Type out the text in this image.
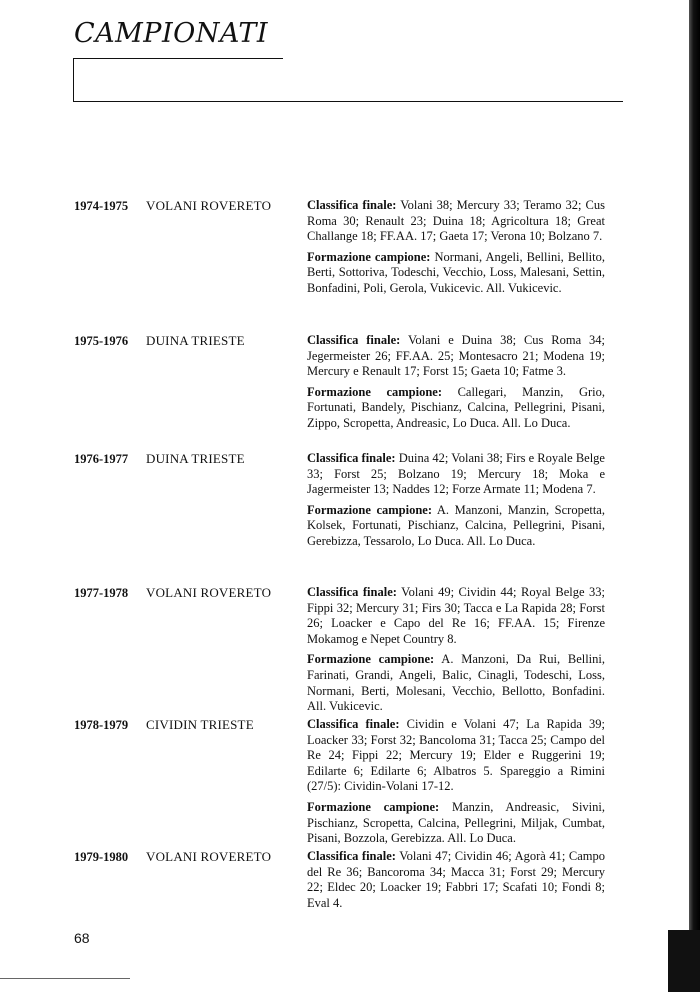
CAMPIONATI
1974-1975 VOLANI ROVERETO	Classifica finale: Volani 38; Mercury 33; Teramo 32; Cus Roma 30; Renault 23; Duina 18; Agricoltura 18; Great Challange 18; FF.AA. 17; Gaeta 17; Verona 10; Bolzano 7.

Formazione campione: Normani, Angeli, Bellini, Bellito, Berti, Sottoriva, Todeschi, Vecchio, Loss, Malesani, Settin, Bonfadini, Poli, Gerola, Vukicevic. All. Vukicevic.

1975-1976 DUINA TRIESTE	Classifica finale: Volani e Duina 38; Cus Roma 34; Jegermeister 26; FF.AA. 25; Montesacro 21; Modena 19; Mercury e Renault 17; Forst 15; Gaeta 10; Fatme 3.

Formazione campione: Callegari, Manzin, Grio, Fortunati, Bandely, Pischianz, Calcina, Pellegrini, Pisani, Zippo, Scropetta, Andreasic, Lo Duca. All. Lo Duca.

1976-1977 DUINA TRIESTE	Classifica finale: Duina 42; Volani 38; Firs e Royale Belge 33; Forst 25; Bolzano 19; Mercury 18; Moka e Jagermeister 13; Naddes 12; Forze Armate 11; Modena 7.

Formazione campione: A. Manzoni, Manzin, Scropetta, Kolsek, Fortunati, Pischianz, Calcina, Pellegrini, Pisani, Gerebizza, Tessarolo, Lo Duca. All. Lo Duca.

1977-1978 VOLANI ROVERETO	Classifica finale: Volani 49; Cividin 44; Royal Belge 33; Fippi 32; Mercury 31; Firs 30; Tacca e La Rapida 28; Forst 26; Loacker e Capo del Re 16; FF.AA. 15; Firenze Mokamog e Nepet Country 8.

Formazione campione: A. Manzoni, Da Rui, Bellini, Farinati, Grandi, Angeli, Balic, Cinagli, Todeschi, Loss, Normani, Berti, Molesani, Vecchio, Bellotto, Bonfadini. All. Vukicevic.

1978-1979 CIVIDIN TRIESTE	Classifica finale: Cividin e Volani 47; La Rapida 39; Loacker 33; Forst 32; Bancoloma 31; Tacca 25; Campo del Re 24; Fippi 22; Mercury 19; Elder e Ruggerini 19; Edilarte 6; Edilarte 6; Albatros 5. Spareggio a Rimini (27/5): Cividin-Volani 17-12.

Formazione campione: Manzin, Andreasic, Sivini, Pischianz, Scropetta, Calcina, Pellegrini, Miljak, Cumbat, Pisani, Bozzola, Gerebizza. All. Lo Duca.

1979-1980 VOLANI ROVERETO	Classifica finale: Volani 47; Cividin 46; Agorà 41; Campo del Re 36; Bancoroma 34; Macca 31; Forst 29; Mercury 22; Eldec 20; Loacker 19; Fabbri 17; Scafati 10; Fondi 8; Eval 4.

68
